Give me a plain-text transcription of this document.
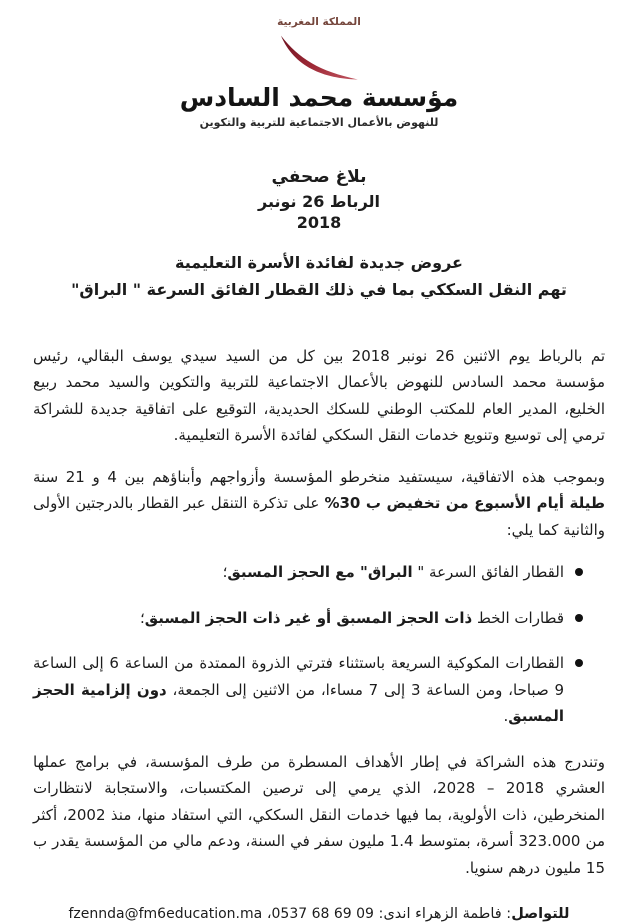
المملكة المغربية
مؤسسة محمد السادس
للنهوض بالأعمال الاجتماعية للتربية والتكوين
بلاغ صحفي
الرباط 26 نونبر
2018
عروض جديدة لفائدة الأسرة التعليمية
تهم النقل السككي بما في ذلك القطار الفائق السرعة " البراق"

تم بالرباط يوم الاثنين 26 نونبر 2018 بين كل من السيد سيدي يوسف البقالي، رئيس مؤسسة محمد السادس للنهوض بالأعمال الاجتماعية للتربية والتكوين والسيد محمد ربيع الخليع، المدير العام للمكتب الوطني للسكك الحديدية، التوقيع على اتفاقية جديدة للشراكة ترمي إلى توسيع وتنويع خدمات النقل السككي لفائدة الأسرة التعليمية.

وبموجب هذه الاتفاقية، سيستفيد منخرطو المؤسسة وأزواجهم وأبناؤهم بين 4 و 21 سنة طيلة أيام الأسبوع من تخفيض ب 30% على تذكرة التنقل عبر القطار بالدرجتين الأولى والثانية كما يلي:

القطار الفائق السرعة " البراق" مع الحجز المسبق؛
قطارات الخط ذات الحجز المسبق أو غير ذات الحجز المسبق؛
القطارات المكوكية السريعة باستثناء فترتي الذروة الممتدة من الساعة 6 إلى الساعة 9 صباحا، ومن الساعة 3 إلى 7 مساءا، من الاثنين إلى الجمعة، دون إلزامية الحجز المسبق.

وتندرج هذه الشراكة في إطار الأهداف المسطرة من طرف المؤسسة، في برامج عملها العشري 2018 – 2028، الذي يرمي إلى ترصين المكتسبات، والاستجابة لانتظارات المنخرطين، ذات الأولوية، بما فيها خدمات النقل السككي، التي استفاد منها، منذ 2002، أكثر من 323.000 أسرة، بمتوسط 1.4 مليون سفر في السنة، ودعم مالي من المؤسسة يقدر ب 15 مليون درهم سنويا.

للتواصل: فاطمة الزهراء اندى: 0537 68 69 09، fzennda@fm6education.ma
